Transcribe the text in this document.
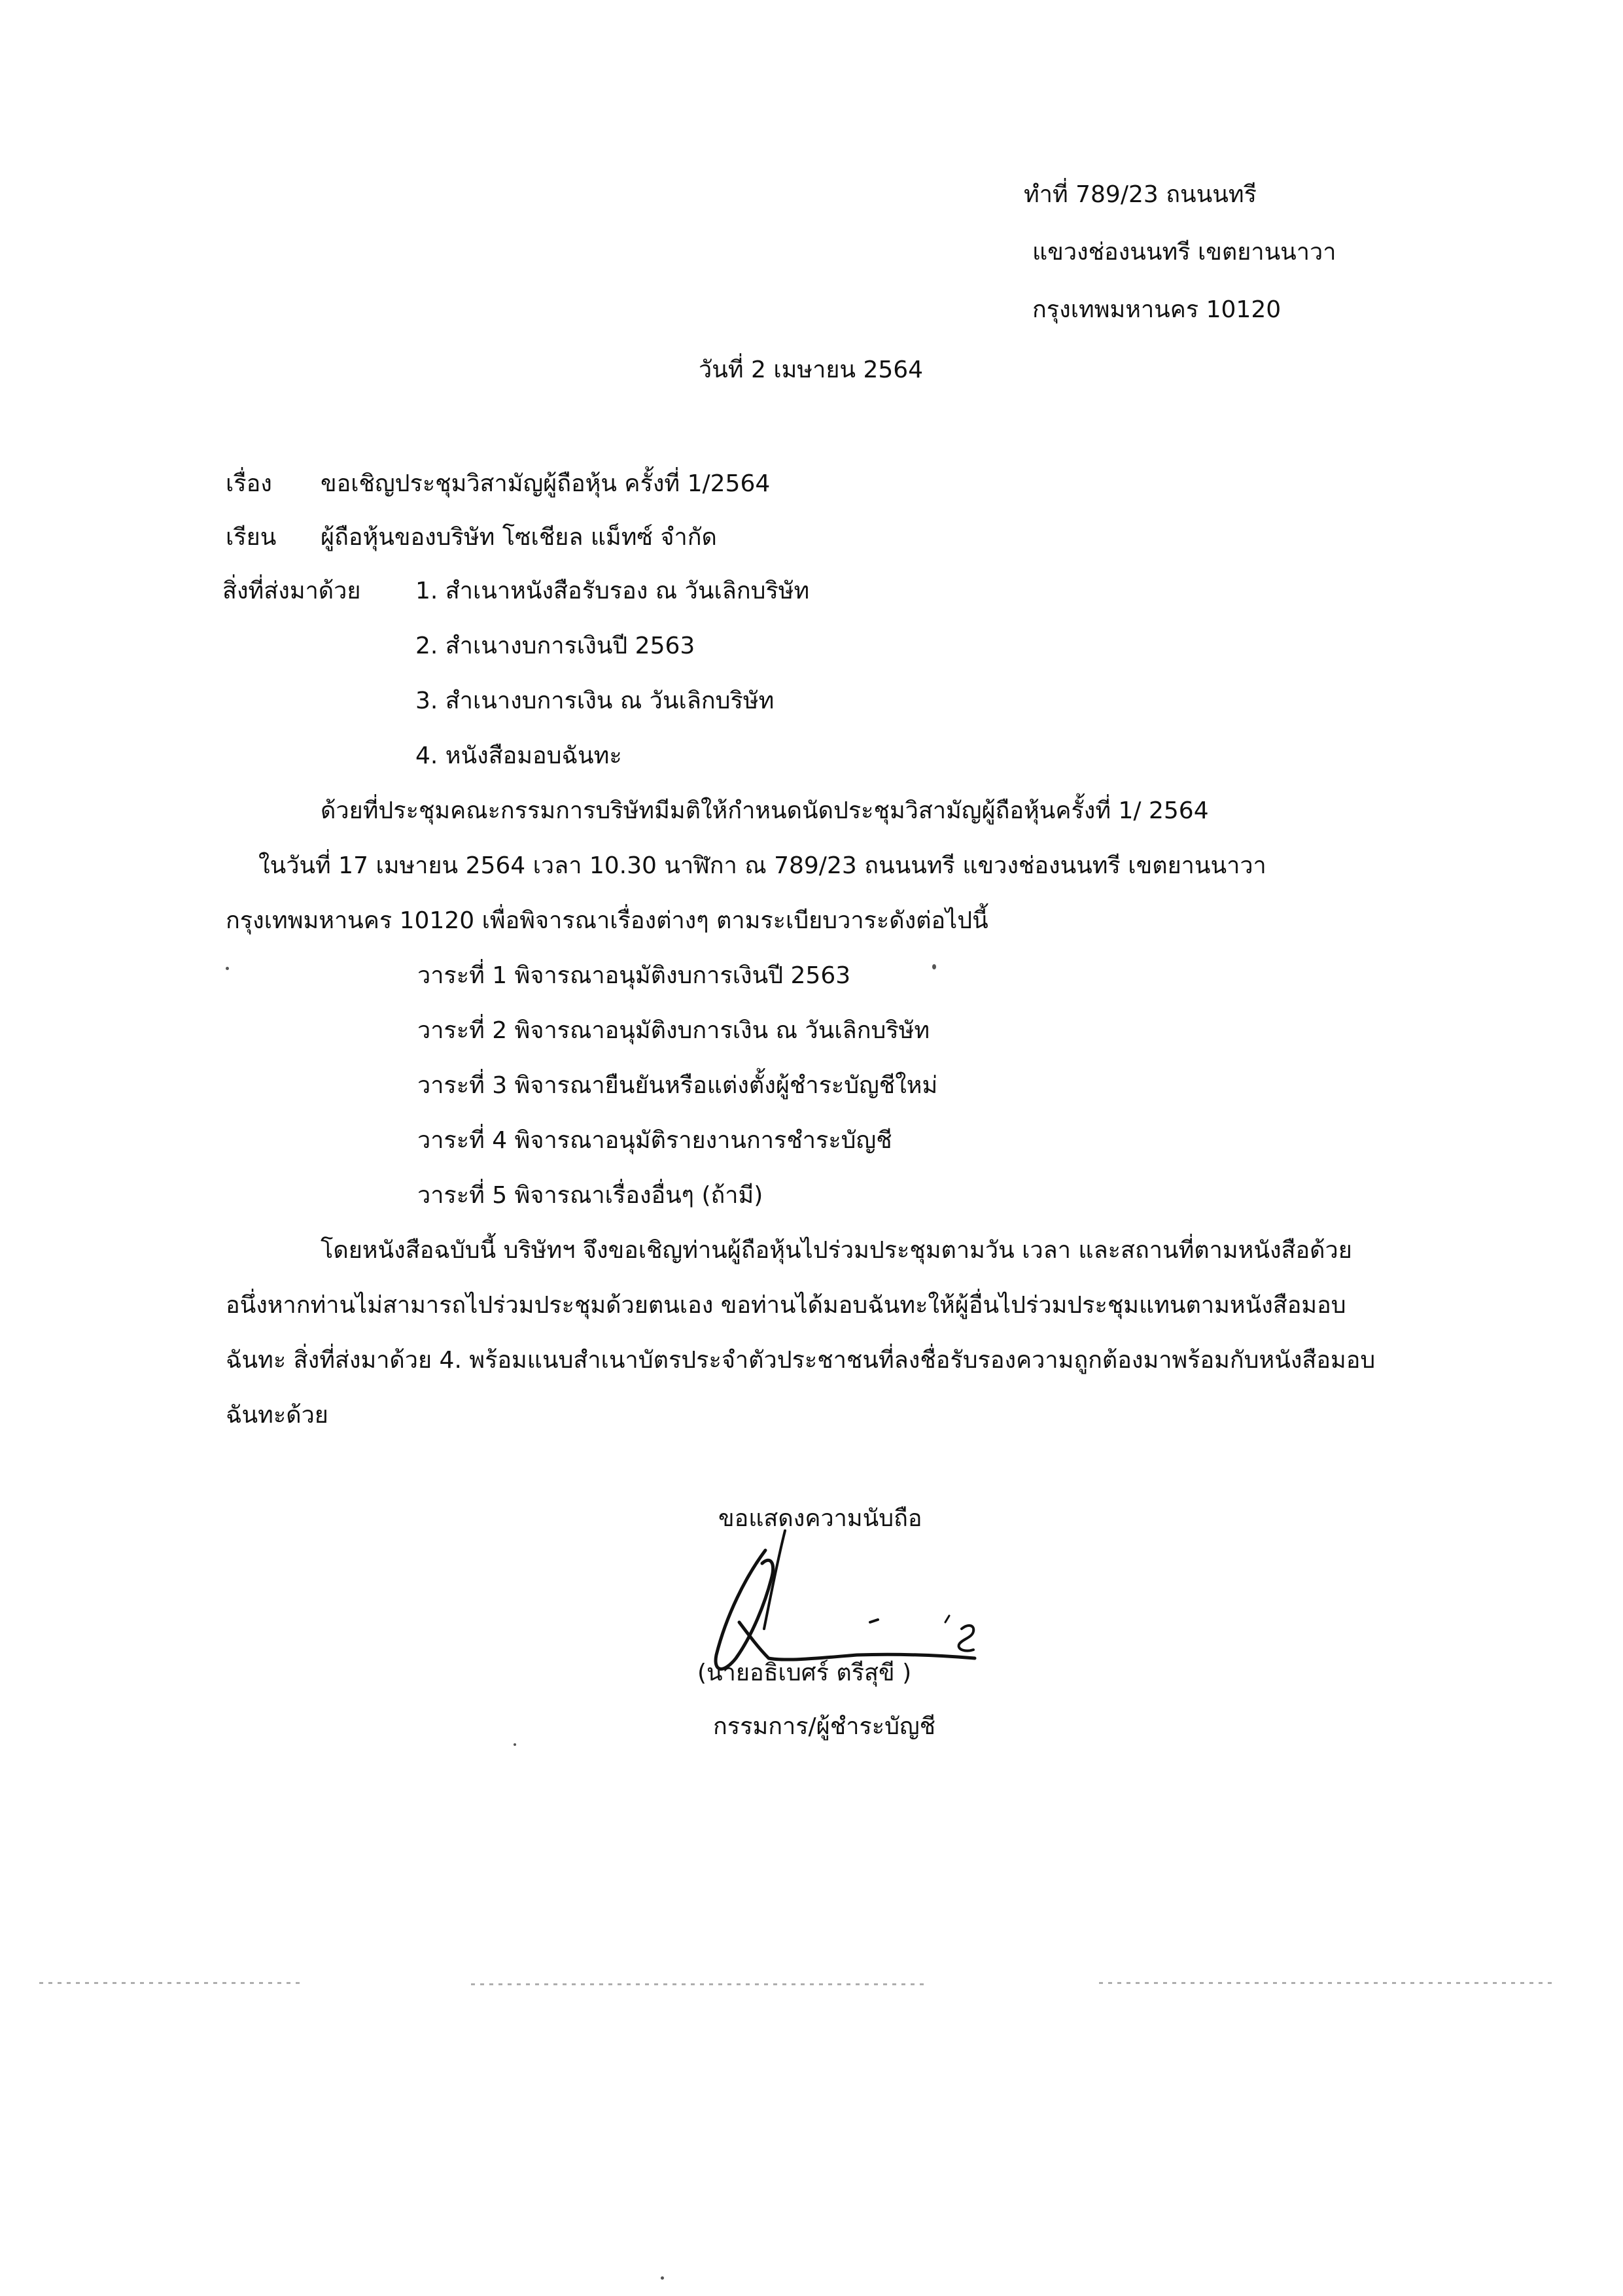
ทำที่ 789/23 ถนนนทรี
แขวงช่องนนทรี เขตยานนาวา
กรุงเทพมหานคร 10120
วันที่ 2 เมษายน 2564
เรื่อง ขอเชิญประชุมวิสามัญผู้ถือหุ้น ครั้งที่ 1/2564
เรียน ผู้ถือหุ้นของบริษัท โซเชียล แม็ทซ์ จำกัด
สิ่งที่ส่งมาด้วย 1. สำเนาหนังสือรับรอง ณ วันเลิกบริษัท
2. สำเนางบการเงินปี 2563
3. สำเนางบการเงิน ณ วันเลิกบริษัท
4. หนังสือมอบฉันทะ
ด้วยที่ประชุมคณะกรรมการบริษัทมีมติให้กำหนดนัดประชุมวิสามัญผู้ถือหุ้นครั้งที่ 1/ 2564
ในวันที่ 17 เมษายน 2564 เวลา 10.30 นาฬิกา ณ 789/23 ถนนนทรี แขวงช่องนนทรี เขตยานนาวา
กรุงเทพมหานคร 10120 เพื่อพิจารณาเรื่องต่างๆ ตามระเบียบวาระดังต่อไปนี้
วาระที่ 1 พิจารณาอนุมัติงบการเงินปี 2563
วาระที่ 2 พิจารณาอนุมัติงบการเงิน ณ วันเลิกบริษัท
วาระที่ 3 พิจารณายืนยันหรือแต่งตั้งผู้ชำระบัญชีใหม่
วาระที่ 4 พิจารณาอนุมัติรายงานการชำระบัญชี
วาระที่ 5 พิจารณาเรื่องอื่นๆ (ถ้ามี)
โดยหนังสือฉบับนี้ บริษัทฯ จึงขอเชิญท่านผู้ถือหุ้นไปร่วมประชุมตามวัน เวลา และสถานที่ตามหนังสือด้วย
อนึ่งหากท่านไม่สามารถไปร่วมประชุมด้วยตนเอง ขอท่านได้มอบฉันทะให้ผู้อื่นไปร่วมประชุมแทนตามหนังสือมอบ
ฉันทะ สิ่งที่ส่งมาด้วย 4. พร้อมแนบสำเนาบัตรประจำตัวประชาชนที่ลงชื่อรับรองความถูกต้องมาพร้อมกับหนังสือมอบ
ฉันทะด้วย
ขอแสดงความนับถือ
(นายอธิเบศร์ ตรีสุขี )
กรรมการ/ผู้ชำระบัญชี
